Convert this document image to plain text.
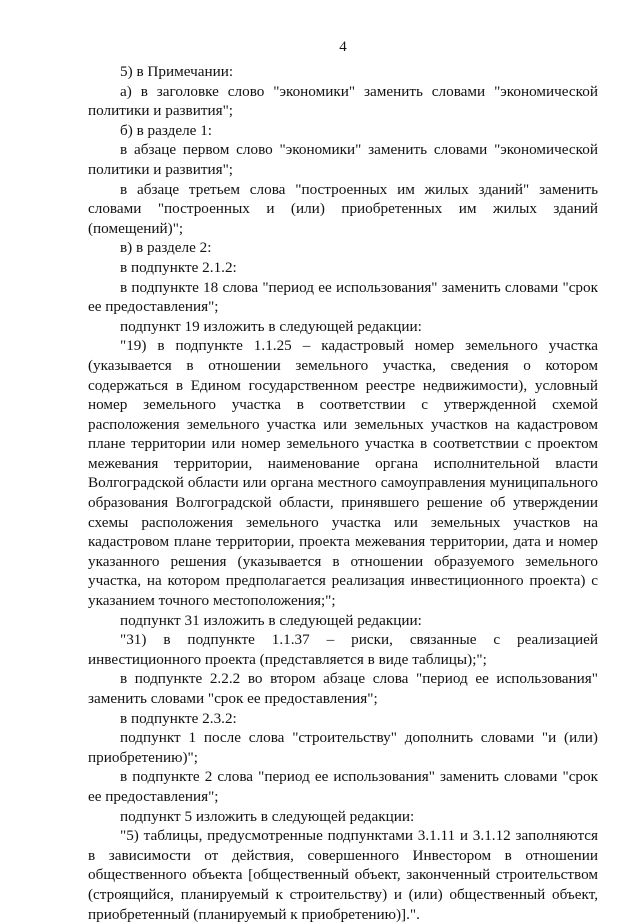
4

5) в Примечании:

а) в заголовке слово "экономики" заменить словами "экономической политики и развития";

б) в разделе 1:

в абзаце первом слово "экономики" заменить словами "экономической политики и развития";

в абзаце третьем слова "построенных им жилых зданий" заменить словами "построенных и (или) приобретенных им жилых зданий (помещений)";

в) в разделе 2:

в подпункте 2.1.2:

в подпункте 18 слова "период ее использования" заменить словами "срок ее предоставления";

подпункт 19 изложить в следующей редакции:

"19) в подпункте 1.1.25 – кадастровый номер земельного участка (указывается в отношении земельного участка, сведения о котором содержаться в Едином государственном реестре недвижимости), условный номер земельного участка в соответствии с утвержденной схемой расположения земельного участка или земельных участков на кадастровом плане территории или номер земельного участка в соответствии с проектом межевания территории, наименование органа исполнительной власти Волгоградской области или органа местного самоуправления муниципального образования Волгоградской области, принявшего решение об утверждении схемы расположения земельного участка или земельных участков на кадастровом плане территории, проекта межевания территории, дата и номер указанного решения (указывается в отношении образуемого земельного участка, на котором предполагается реализация инвестиционного проекта) с указанием точного местоположения;";

подпункт 31 изложить в следующей редакции:

"31) в подпункте 1.1.37 – риски, связанные с реализацией инвестиционного проекта (представляется в виде таблицы);";

в подпункте 2.2.2 во втором абзаце слова "период ее использования" заменить словами "срок ее предоставления";

в подпункте 2.3.2:

подпункт 1 после слова "строительству" дополнить словами "и (или) приобретению)";

в подпункте 2 слова "период ее использования" заменить словами "срок ее предоставления";

подпункт 5 изложить в следующей редакции:

"5) таблицы, предусмотренные подпунктами 3.1.11 и 3.1.12 заполняются в зависимости от действия, совершенного Инвестором в отношении общественного объекта [общественный объект, законченный строительством (строящийся, планируемый к строительству) и (или) общественный объект, приобретенный (планируемый к приобретению)].".
